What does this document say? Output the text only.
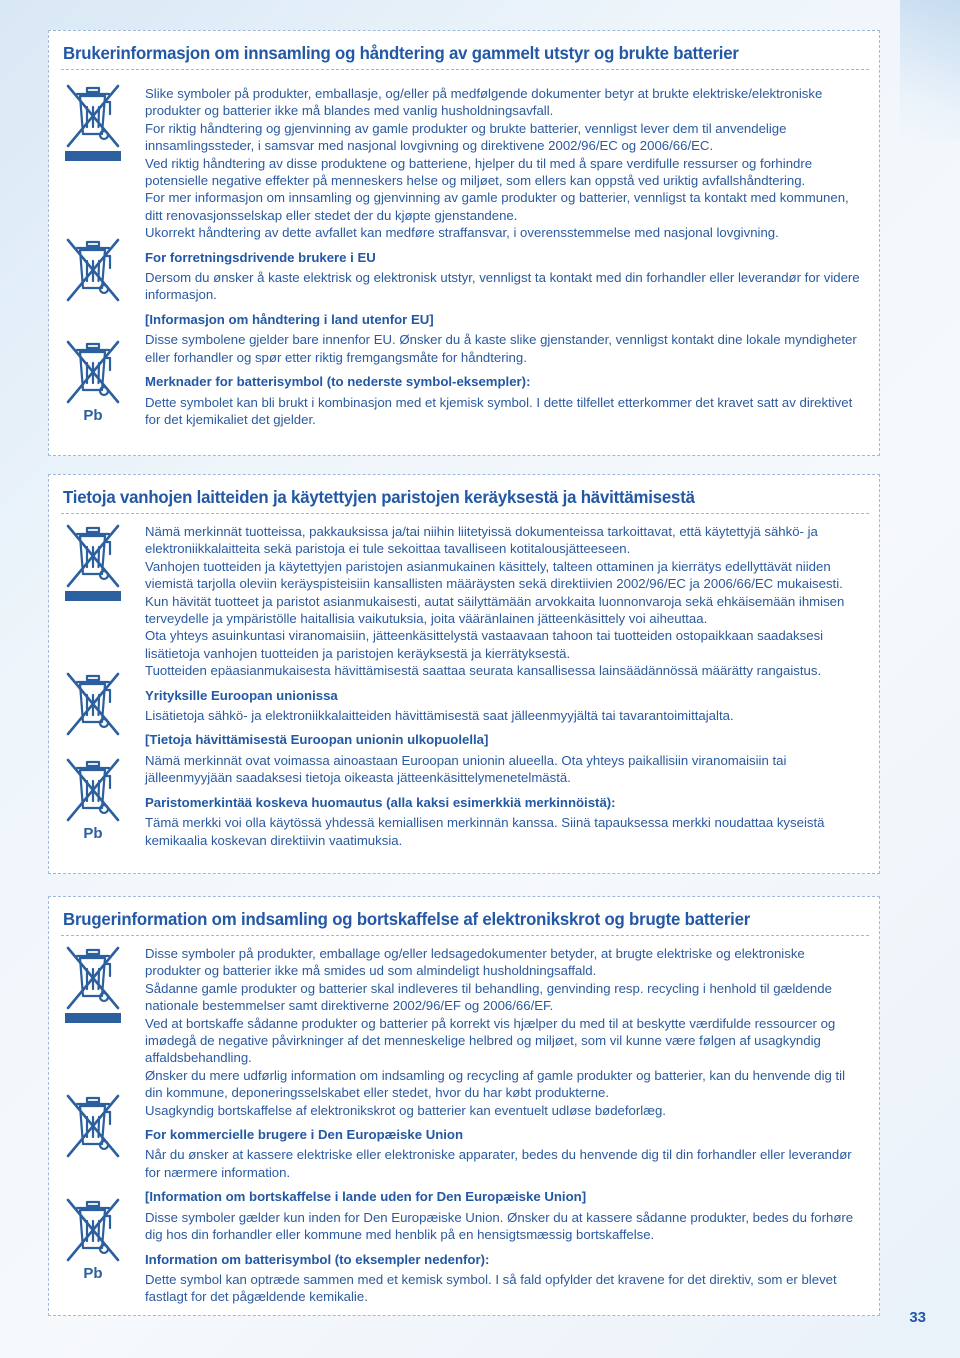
Brukerinformasjon om innsamling og håndtering av gammelt utstyr og brukte batterier
Pb

Slike symboler på produkter, emballasje, og/eller på medfølgende dokumenter betyr at brukte elektriske/elektroniske produkter og batterier ikke må blandes med vanlig husholdningsavfall.

For riktig håndtering og gjenvinning av gamle produkter og brukte batterier, vennligst lever dem til anvendelige innsamlingssteder, i samsvar med nasjonal lovgivning og direktivene 2002/96/EC og 2006/66/EC.

Ved riktig håndtering av disse produktene og batteriene, hjelper du til med å spare verdifulle ressurser og forhindre potensielle negative effekter på menneskers helse og miljøet, som ellers kan oppstå ved uriktig avfallshåndtering.

For mer informasjon om innsamling og gjenvinning av gamle produkter og batterier, vennligst ta kontakt med kommunen, ditt renovasjonsselskap eller stedet der du kjøpte gjenstandene.

Ukorrekt håndtering av dette avfallet kan medføre straffansvar, i overensstemmelse med nasjonal lovgivning.

For forretningsdrivende brukere i EU

Dersom du ønsker å kaste elektrisk og elektronisk utstyr, vennligst ta kontakt med din forhandler eller leverandør for videre informasjon.

[Informasjon om håndtering i land utenfor EU]

Disse symbolene gjelder bare innenfor EU. Ønsker du å kaste slike gjenstander, vennligst kontakt dine lokale myndigheter eller forhandler og spør etter riktig fremgangsmåte for håndtering.

Merknader for batterisymbol (to nederste symbol-eksempler):

Dette symbolet kan bli brukt i kombinasjon med et kjemisk symbol. I dette tilfellet etterkommer det kravet satt av direktivet for det kjemikaliet det gjelder.

Tietoja vanhojen laitteiden ja käytettyjen paristojen keräyksestä ja hävittämisestä
Pb

Nämä merkinnät tuotteissa, pakkauksissa ja/tai niihin liitetyissä dokumenteissa tarkoittavat, että käytettyjä sähkö- ja elektroniikkalaitteita sekä paristoja ei tule sekoittaa tavalliseen kotitalousjätteeseen.

Vanhojen tuotteiden ja käytettyjen paristojen asianmukainen käsittely, talteen ottaminen ja kierrätys edellyttävät niiden viemistä tarjolla oleviin keräyspisteisiin kansallisten määräysten sekä direktiivien 2002/96/EC ja 2006/66/EC mukaisesti.

Kun hävität tuotteet ja paristot asianmukaisesti, autat säilyttämään arvokkaita luonnonvaroja sekä ehkäisemään ihmisen terveydelle ja ympäristölle haitallisia vaikutuksia, joita vääränlainen jätteenkäsittely voi aiheuttaa.

Ota yhteys asuinkuntasi viranomaisiin, jätteenkäsittelystä vastaavaan tahoon tai tuotteiden ostopaikkaan saadaksesi lisätietoja vanhojen tuotteiden ja paristojen keräyksestä ja kierrätyksestä.

Tuotteiden epäasianmukaisesta hävittämisestä saattaa seurata kansallisessa lainsäädännössä määrätty rangaistus.

Yrityksille Euroopan unionissa

Lisätietoja sähkö- ja elektroniikkalaitteiden hävittämisestä saat jälleenmyyjältä tai tavarantoimittajalta.

[Tietoja hävittämisestä Euroopan unionin ulkopuolella]

Nämä merkinnät ovat voimassa ainoastaan Euroopan unionin alueella. Ota yhteys paikallisiin viranomaisiin tai jälleenmyyjään saadaksesi tietoja oikeasta jätteenkäsittelymenetelmästä.

Paristomerkintää koskeva huomautus (alla kaksi esimerkkiä merkinnöistä):

Tämä merkki voi olla käytössä yhdessä kemiallisen merkinnän kanssa. Siinä tapauksessa merkki noudattaa kyseistä kemikaalia koskevan direktiivin vaatimuksia.

Brugerinformation om indsamling og bortskaffelse af elektronikskrot og brugte batterier
Pb

Disse symboler på produkter, emballage og/eller ledsagedokumenter betyder, at brugte elektriske og elektroniske produkter og batterier ikke må smides ud som almindeligt husholdningsaffald.

Sådanne gamle produkter og batterier skal indleveres til behandling, genvinding resp. recycling i henhold til gældende nationale bestemmelser samt direktiverne 2002/96/EF og 2006/66/EF.

Ved at bortskaffe sådanne produkter og batterier på korrekt vis hjælper du med til at beskytte værdifulde ressourcer og imødegå de negative påvirkninger af det menneskelige helbred og miljøet, som vil kunne være følgen af usagkyndig affaldsbehandling.

Ønsker du mere udførlig information om indsamling og recycling af gamle produkter og batterier, kan du henvende dig til din kommune, deponeringsselskabet eller stedet, hvor du har købt produkterne.

Usagkyndig bortskaffelse af elektronikskrot og batterier kan eventuelt udløse bødeforlæg.

For kommercielle brugere i Den Europæiske Union

Når du ønsker at kassere elektriske eller elektroniske apparater, bedes du henvende dig til din forhandler eller leverandør for nærmere information.

[Information om bortskaffelse i lande uden for Den Europæiske Union]

Disse symboler gælder kun inden for Den Europæiske Union. Ønsker du at kassere sådanne produkter, bedes du forhøre dig hos din forhandler eller kommune med henblik på en hensigtsmæssig bortskaffelse.

Information om batterisymbol (to eksempler nedenfor):

Dette symbol kan optræde sammen med et kemisk symbol. I så fald opfylder det kravene for det direktiv, som er blevet fastlagt for det pågældende kemikalie.

33
